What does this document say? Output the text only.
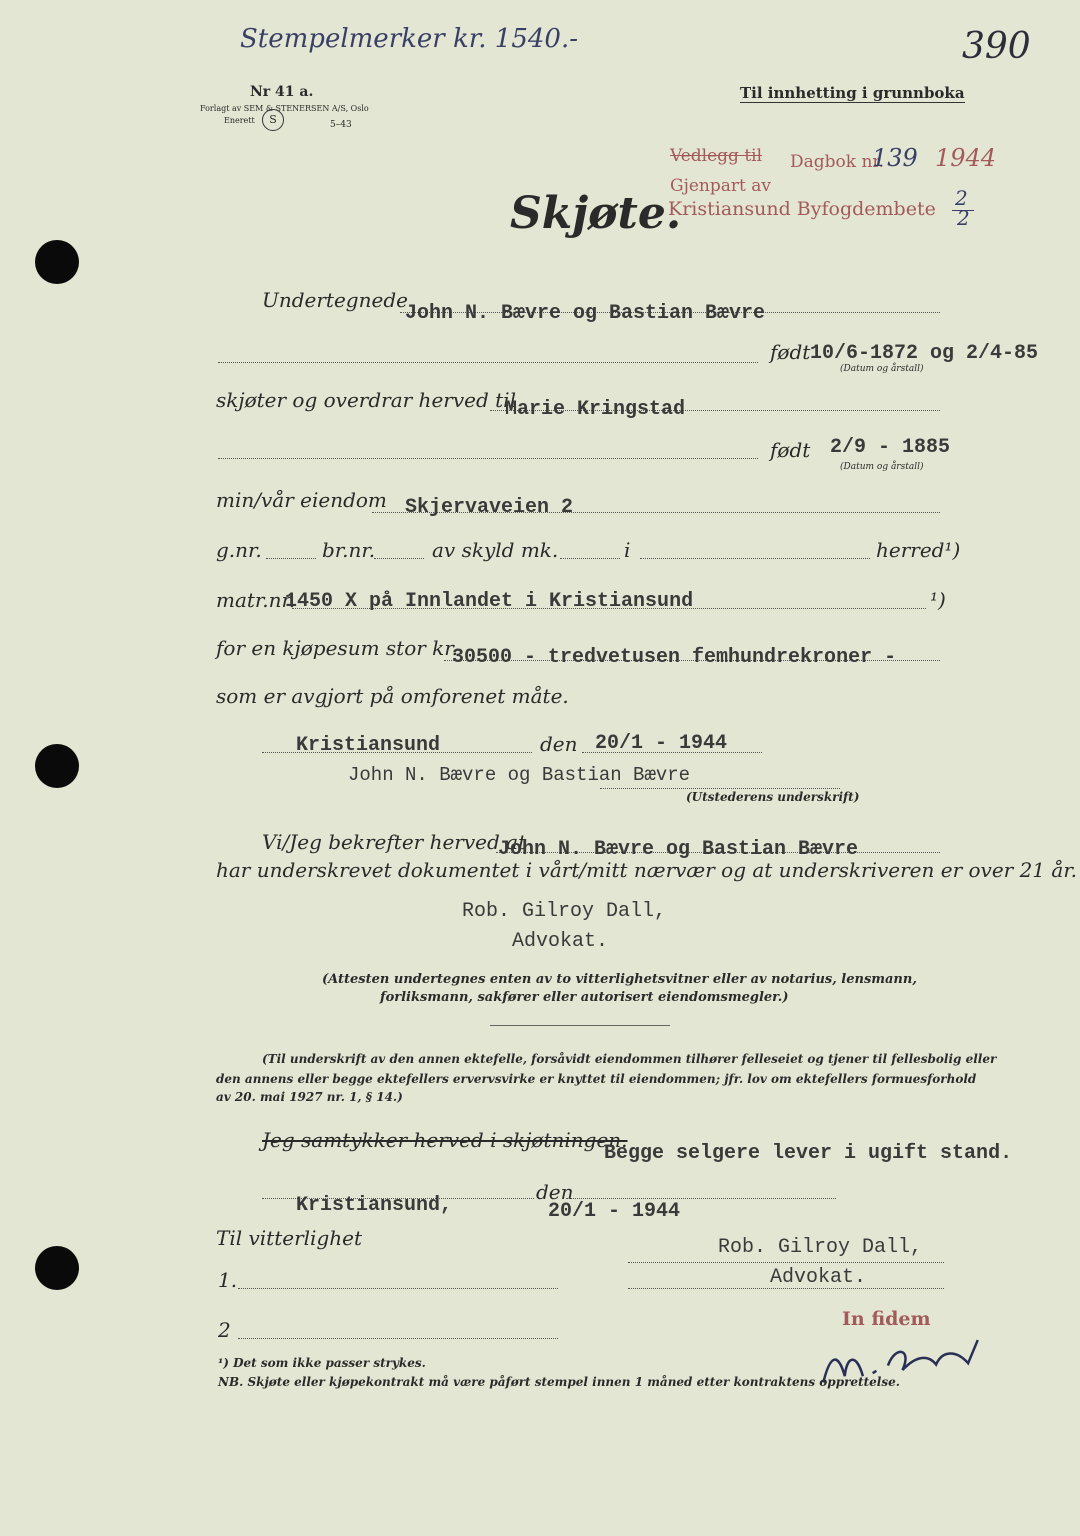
Stempelmerker kr. 1540.-	390
Nr 41 a.
Forlagt av SEM & STENERSEN A/S, Oslo
Enerett	S	5–43
Til innhetting i grunnboka
Vedlegg til Dagbok nr.
139 1944
Gjenpart av
Kristiansund Byfogdembete 2
2
Skjøte.
Undertegnede
John N. Bævre og Bastian Bævre
født 10/6-1872 og 2/4-85
(Datum og årstall)
skjøter og overdrar herved til
Marie Kringstad
født 2/9 - 1885
(Datum og årstall)
min/vår eiendom Skjervaveien 2
g.nr.	br.nr.	av skyld mk.	i	herred¹)
matr.nr.
1450 X på Innlandet i Kristiansund	¹)
for en kjøpesum stor kr.
30500 - tredvetusen femhundrekroner -
som er avgjort på omforenet måte.
Kristiansund	den 20/1 - 1944
John N. Bævre og Bastian Bævre
(Utstederens underskrift)
Vi/Jeg bekrefter herved at
John N. Bævre og Bastian Bævre
har underskrevet dokumentet i vårt/mitt nærvær og at underskriveren er over 21 år.
Rob. Gilroy Dall,
Advokat.
(Attesten undertegnes enten av to vitterlighetsvitner eller av notarius, lensmann,
forliksmann, sakfører eller autorisert eiendomsmegler.)
(Til underskrift av den annen ektefelle, forsåvidt eiendommen tilhører felleseiet og tjener til fellesbolig eller
den annens eller begge ektefellers ervervsvirke er knyttet til eiendommen; jfr. lov om ektefellers formuesforhold
av 20. mai 1927 nr. 1, § 14.)
Jeg samtykker herved i skjøtningen.
Begge selgere lever i ugift stand.
Kristiansund,
den
20/1 - 1944
Til vitterlighet
1.
2
Rob. Gilroy Dall,
Advokat.
In fidem
¹) Det som ikke passer strykes.
NB. Skjøte eller kjøpekontrakt må være påført stempel innen 1 måned etter kontraktens opprettelse.
